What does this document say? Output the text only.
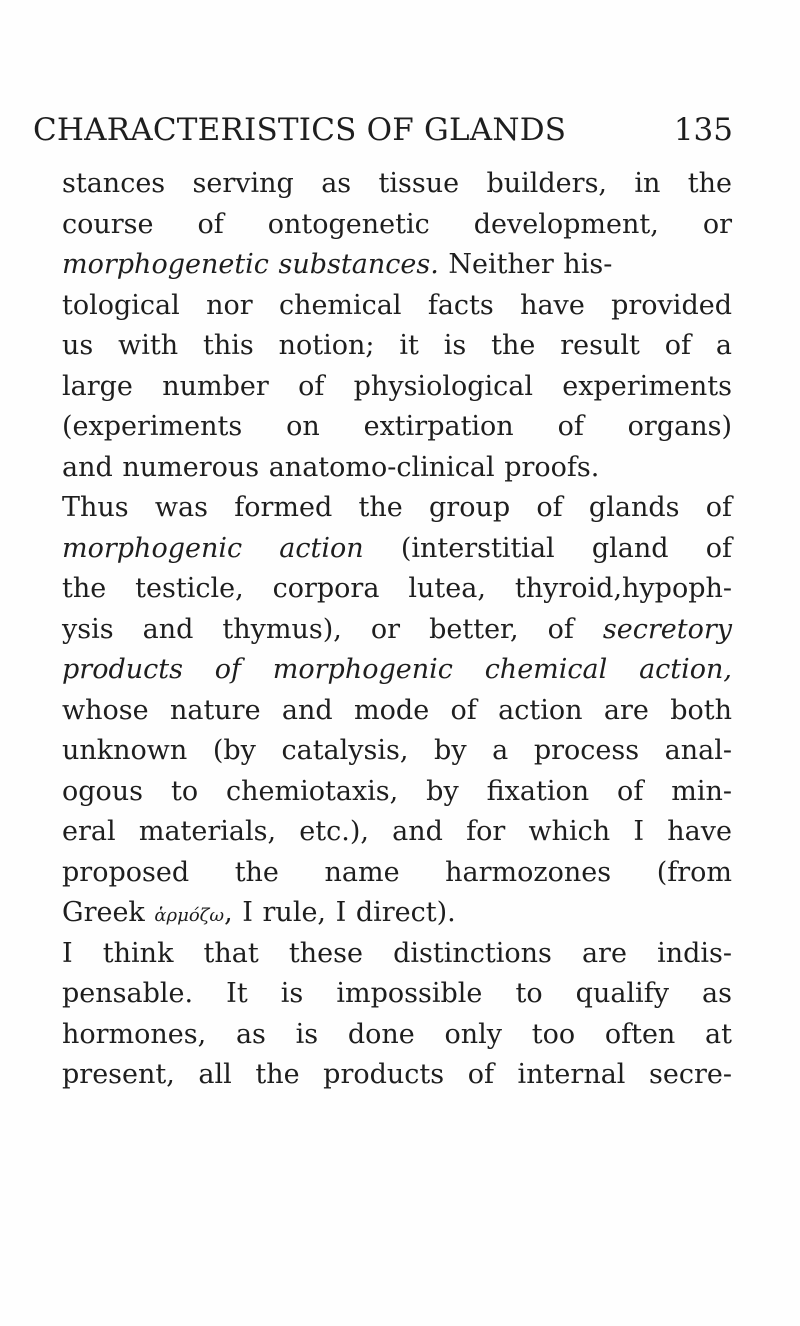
CHARACTERISTICS OF GLANDS	135
stances serving as tissue builders, in the
course of ontogenetic development, or
morphogenetic substances. Neither his-
tological nor chemical facts have provided
us with this notion; it is the result of a
large number of physiological experiments
(experiments on extirpation of organs)
and numerous anatomo-clinical proofs.
Thus was formed the group of glands of
morphogenic action (interstitial gland of
the testicle, corpora lutea, thyroid,hypoph-
ysis and thymus), or better, of secretory
products of morphogenic chemical action,
whose nature and mode of action are both
unknown (by catalysis, by a process anal-
ogous to chemiotaxis, by fixation of min-
eral materials, etc.), and for which I have
proposed the name harmozones (from
Greek ἁρμόζω, I rule, I direct).
I think that these distinctions are indis-
pensable. It is impossible to qualify as
hormones, as is done only too often at
present, all the products of internal secre-
